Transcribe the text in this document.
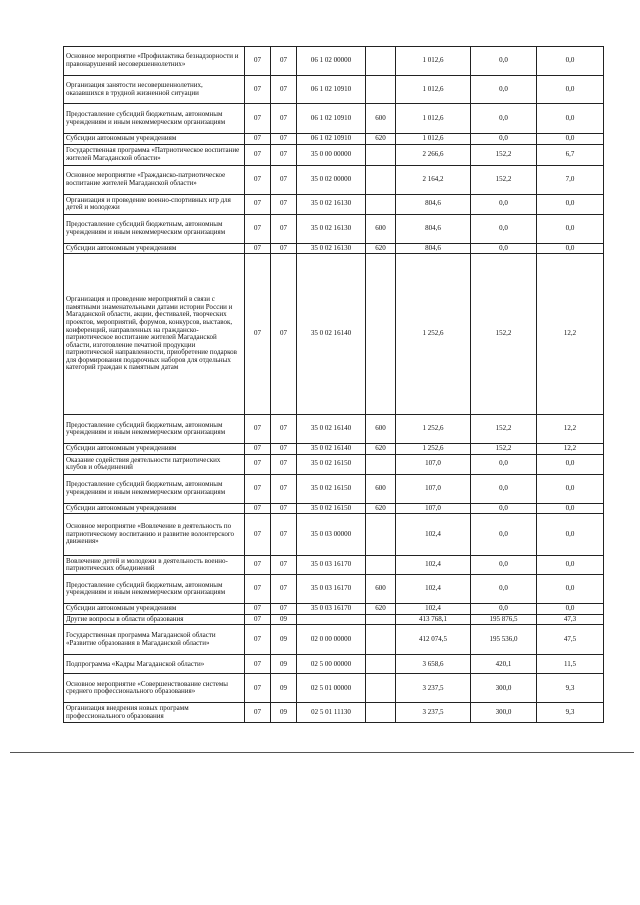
Основное мероприятие «Профилактика безнадзорности и правонарушений несовершеннолетних»	07	07	06 1 02 00000		1 012,6	0,0	0,0
Организация занятости несовершеннолетних, оказавшихся в трудной жизненной ситуации	07	07	06 1 02 10910		1 012,6	0,0	0,0
Предоставление субсидий бюджетным, автономным учреждениям и иным некоммерческим организациям	07	07	06 1 02 10910	600	1 012,6	0,0	0,0
Субсидии автономным учреждениям	07	07	06 1 02 10910	620	1 012,6	0,0	0,0
Государственная программа «Патриотическое воспитание жителей Магаданской области»	07	07	35 0 00 00000		2 266,6	152,2	6,7
Основное мероприятие «Гражданско-патриотическое воспитание жителей Магаданской области»	07	07	35 0 02 00000		2 164,2	152,2	7,0
Организация и проведение военно-спортивных игр для детей и молодежи	07	07	35 0 02 16130		804,6	0,0	0,0
Предоставление субсидий бюджетным, автономным учреждениям и иным некоммерческим организациям	07	07	35 0 02 16130	600	804,6	0,0	0,0
Субсидии автономным учреждениям	07	07	35 0 02 16130	620	804,6	0,0	0,0
Организация и проведение мероприятий в связи с памятными знаменательными датами истории России и Магаданской области, акции, фестивалей, творческих проектов, мероприятий, форумов, конкурсов, выставок, конференций, направленных на гражданско-патриотическое воспитание жителей Магаданской области, изготовление печатной продукции патриотической направленности, приобретение подарков для формирования подарочных наборов для отдельных категорий граждан к памятным датам	07	07	35 0 02 16140		1 252,6	152,2	12,2
Предоставление субсидий бюджетным, автономным учреждениям и иным некоммерческим организациям	07	07	35 0 02 16140	600	1 252,6	152,2	12,2
Субсидии автономным учреждениям	07	07	35 0 02 16140	620	1 252,6	152,2	12,2
Оказание содействия деятельности патриотических клубов и объединений	07	07	35 0 02 16150		107,0	0,0	0,0
Предоставление субсидий бюджетным, автономным учреждениям и иным некоммерческим организациям	07	07	35 0 02 16150	600	107,0	0,0	0,0
Субсидии автономным учреждениям	07	07	35 0 02 16150	620	107,0	0,0	0,0
Основное мероприятие «Вовлечение в деятельность по патриотическому воспитанию и развитие волонтерского движения»	07	07	35 0 03 00000		102,4	0,0	0,0
Вовлечение детей и молодежи в деятельность военно-патриотических объединений	07	07	35 0 03 16170		102,4	0,0	0,0
Предоставление субсидий бюджетным, автономным учреждениям и иным некоммерческим организациям	07	07	35 0 03 16170	600	102,4	0,0	0,0
Субсидии автономным учреждениям	07	07	35 0 03 16170	620	102,4	0,0	0,0
Другие вопросы в области образования	07	09			413 768,1	195 876,5	47,3
Государственная программа Магаданской области «Развитие образования в Магаданской области»	07	09	02 0 00 00000		412 074,5	195 536,0	47,5
Подпрограмма «Кадры Магаданской области»	07	09	02 5 00 00000		3 658,6	420,1	11,5
Основное мероприятие «Совершенствование системы среднего профессионального образования»	07	09	02 5 01 00000		3 237,5	300,0	9,3
Организация внедрения новых программ профессионального образования	07	09	02 5 01 11130		3 237,5	300,0	9,3
